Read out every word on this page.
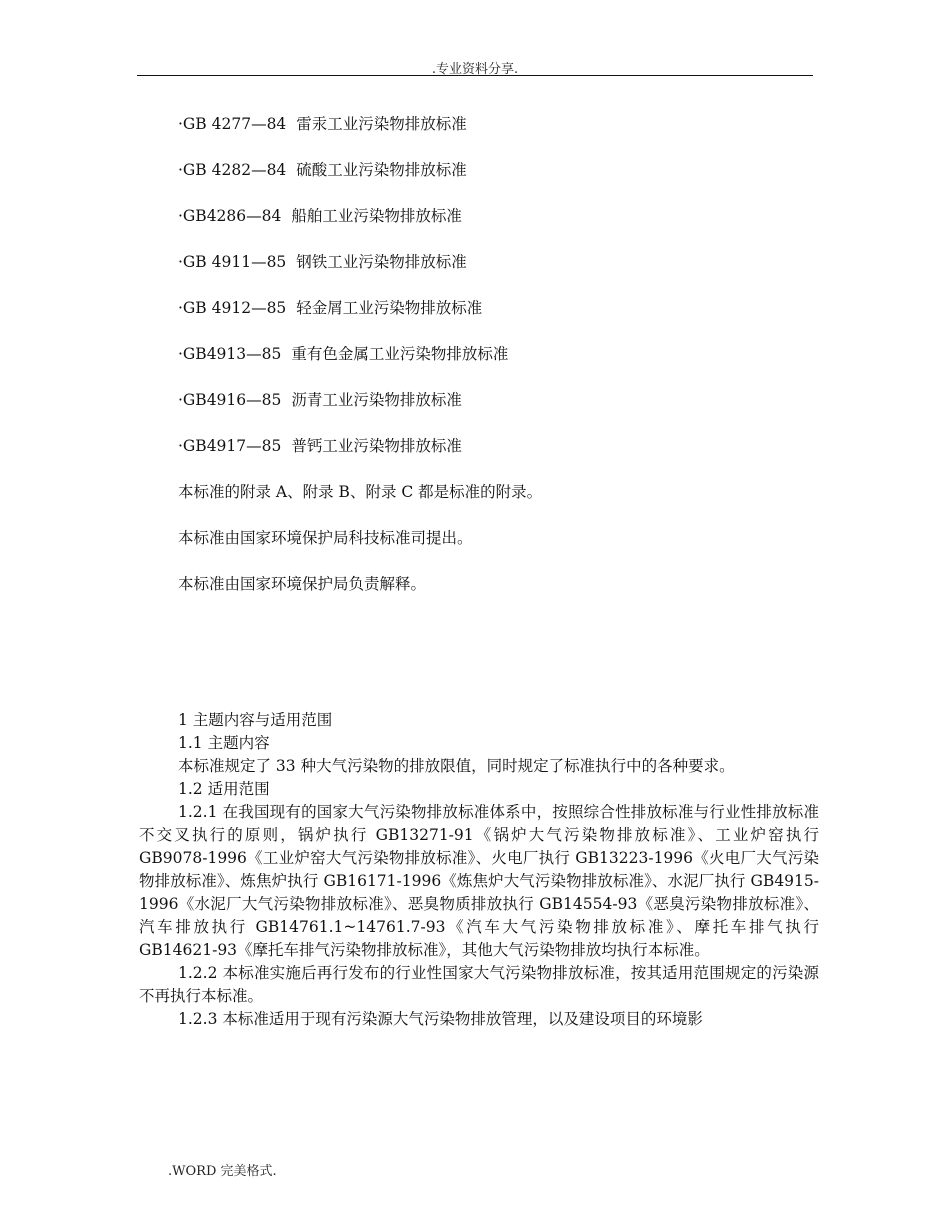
.专业资料分享.
·GB 4277—84 雷汞工业污染物排放标准
·GB 4282—84 硫酸工业污染物排放标准
·GB4286—84 船舶工业污染物排放标准
·GB 4911—85 钢铁工业污染物排放标准
·GB 4912—85 轻金屑工业污染物排放标准
·GB4913—85 重有色金属工业污染物排放标准
·GB4916—85 沥青工业污染物排放标准
·GB4917—85 普钙工业污染物排放标准
本标准的附录 A、附录 B、附录 C 都是标准的附录。
本标准由国家环境保护局科技标准司提出。
本标准由国家环境保护局负责解释。

1 主题内容与适用范围

1.1 主题内容

本标准规定了 33 种大气污染物的排放限值，同时规定了标准执行中的各种要求。

1.2 适用范围

1.2.1 在我国现有的国家大气污染物排放标准体系中，按照综合性排放标准与行业性排放标准不交叉执行的原则，锅炉执行 GB13271-91《锅炉大气污染物排放标准》、工业炉窑执行 GB9078-1996《工业炉窑大气污染物排放标准》、火电厂执行 GB13223-1996《火电厂大气污染物排放标准》、炼焦炉执行 GB16171-1996《炼焦炉大气污染物排放标准》、水泥厂执行 GB4915-1996《水泥厂大气污染物排放标准》、恶臭物质排放执行 GB14554-93《恶臭污染物排放标准》、汽车排放执行 GB14761.1~14761.7-93《汽车大气污染物排放标准》、摩托车排气执行 GB14621-93《摩托车排气污染物排放标准》，其他大气污染物排放均执行本标准。

1.2.2 本标准实施后再行发布的行业性国家大气污染物排放标准，按其适用范围规定的污染源不再执行本标准。

1.2.3 本标准适用于现有污染源大气污染物排放管理，以及建设项目的环境影

.WORD 完美格式.
